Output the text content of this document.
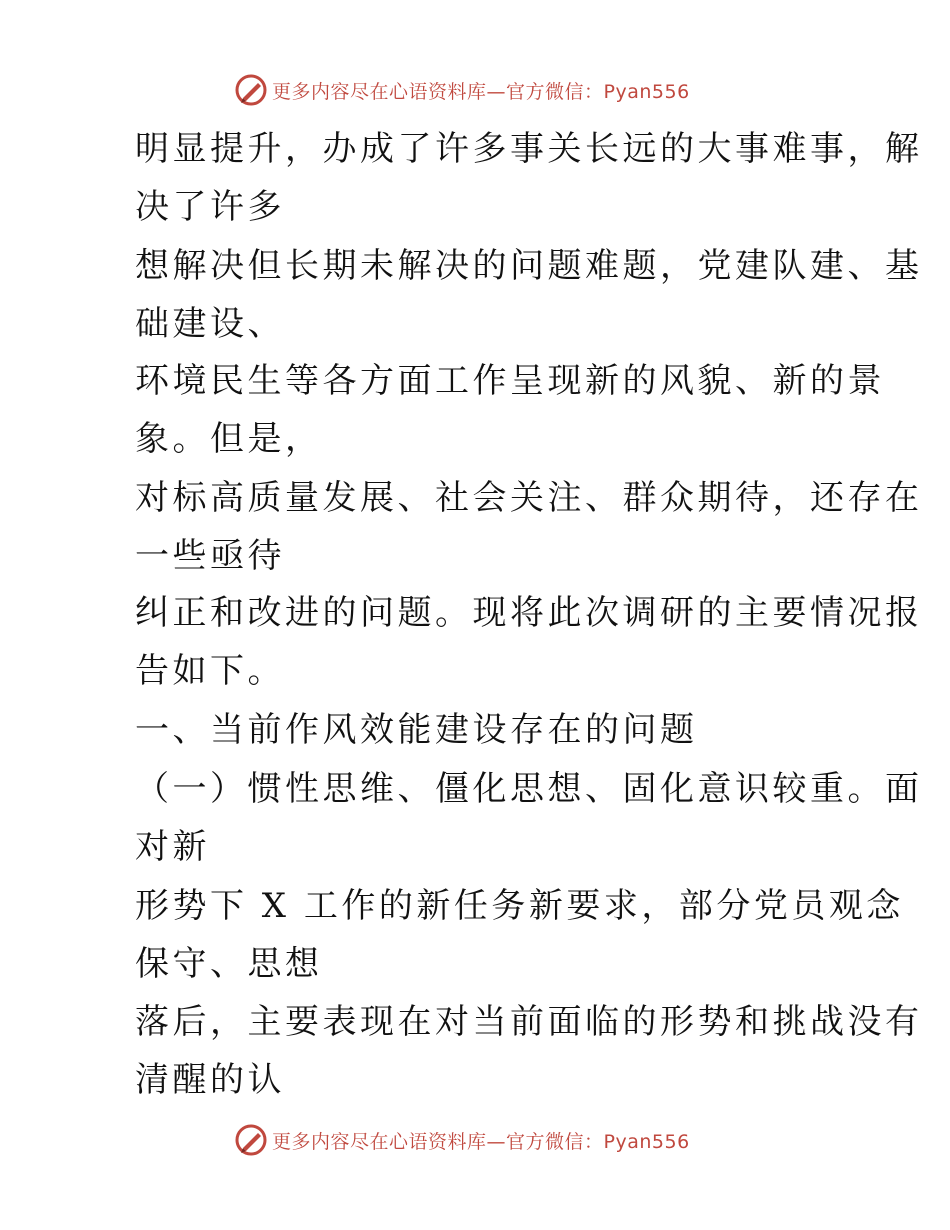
更多内容尽在心语资料库—官方微信：Pyan556

明显提升，办成了许多事关长远的大事难事，解
决了许多

想解决但长期未解决的问题难题，党建队建、基
础建设、

环境民生等各方面工作呈现新的风貌、新的景
象。但是，

对标高质量发展、社会关注、群众期待，还存在
一些亟待

纠正和改进的问题。现将此次调研的主要情况报
告如下。

一、当前作风效能建设存在的问题

（一）惯性思维、僵化思想、固化意识较重。面
对新

形势下 X 工作的新任务新要求，部分党员观念
保守、思想

落后，主要表现在对当前面临的形势和挑战没有
清醒的认

更多内容尽在心语资料库—官方微信：Pyan556
